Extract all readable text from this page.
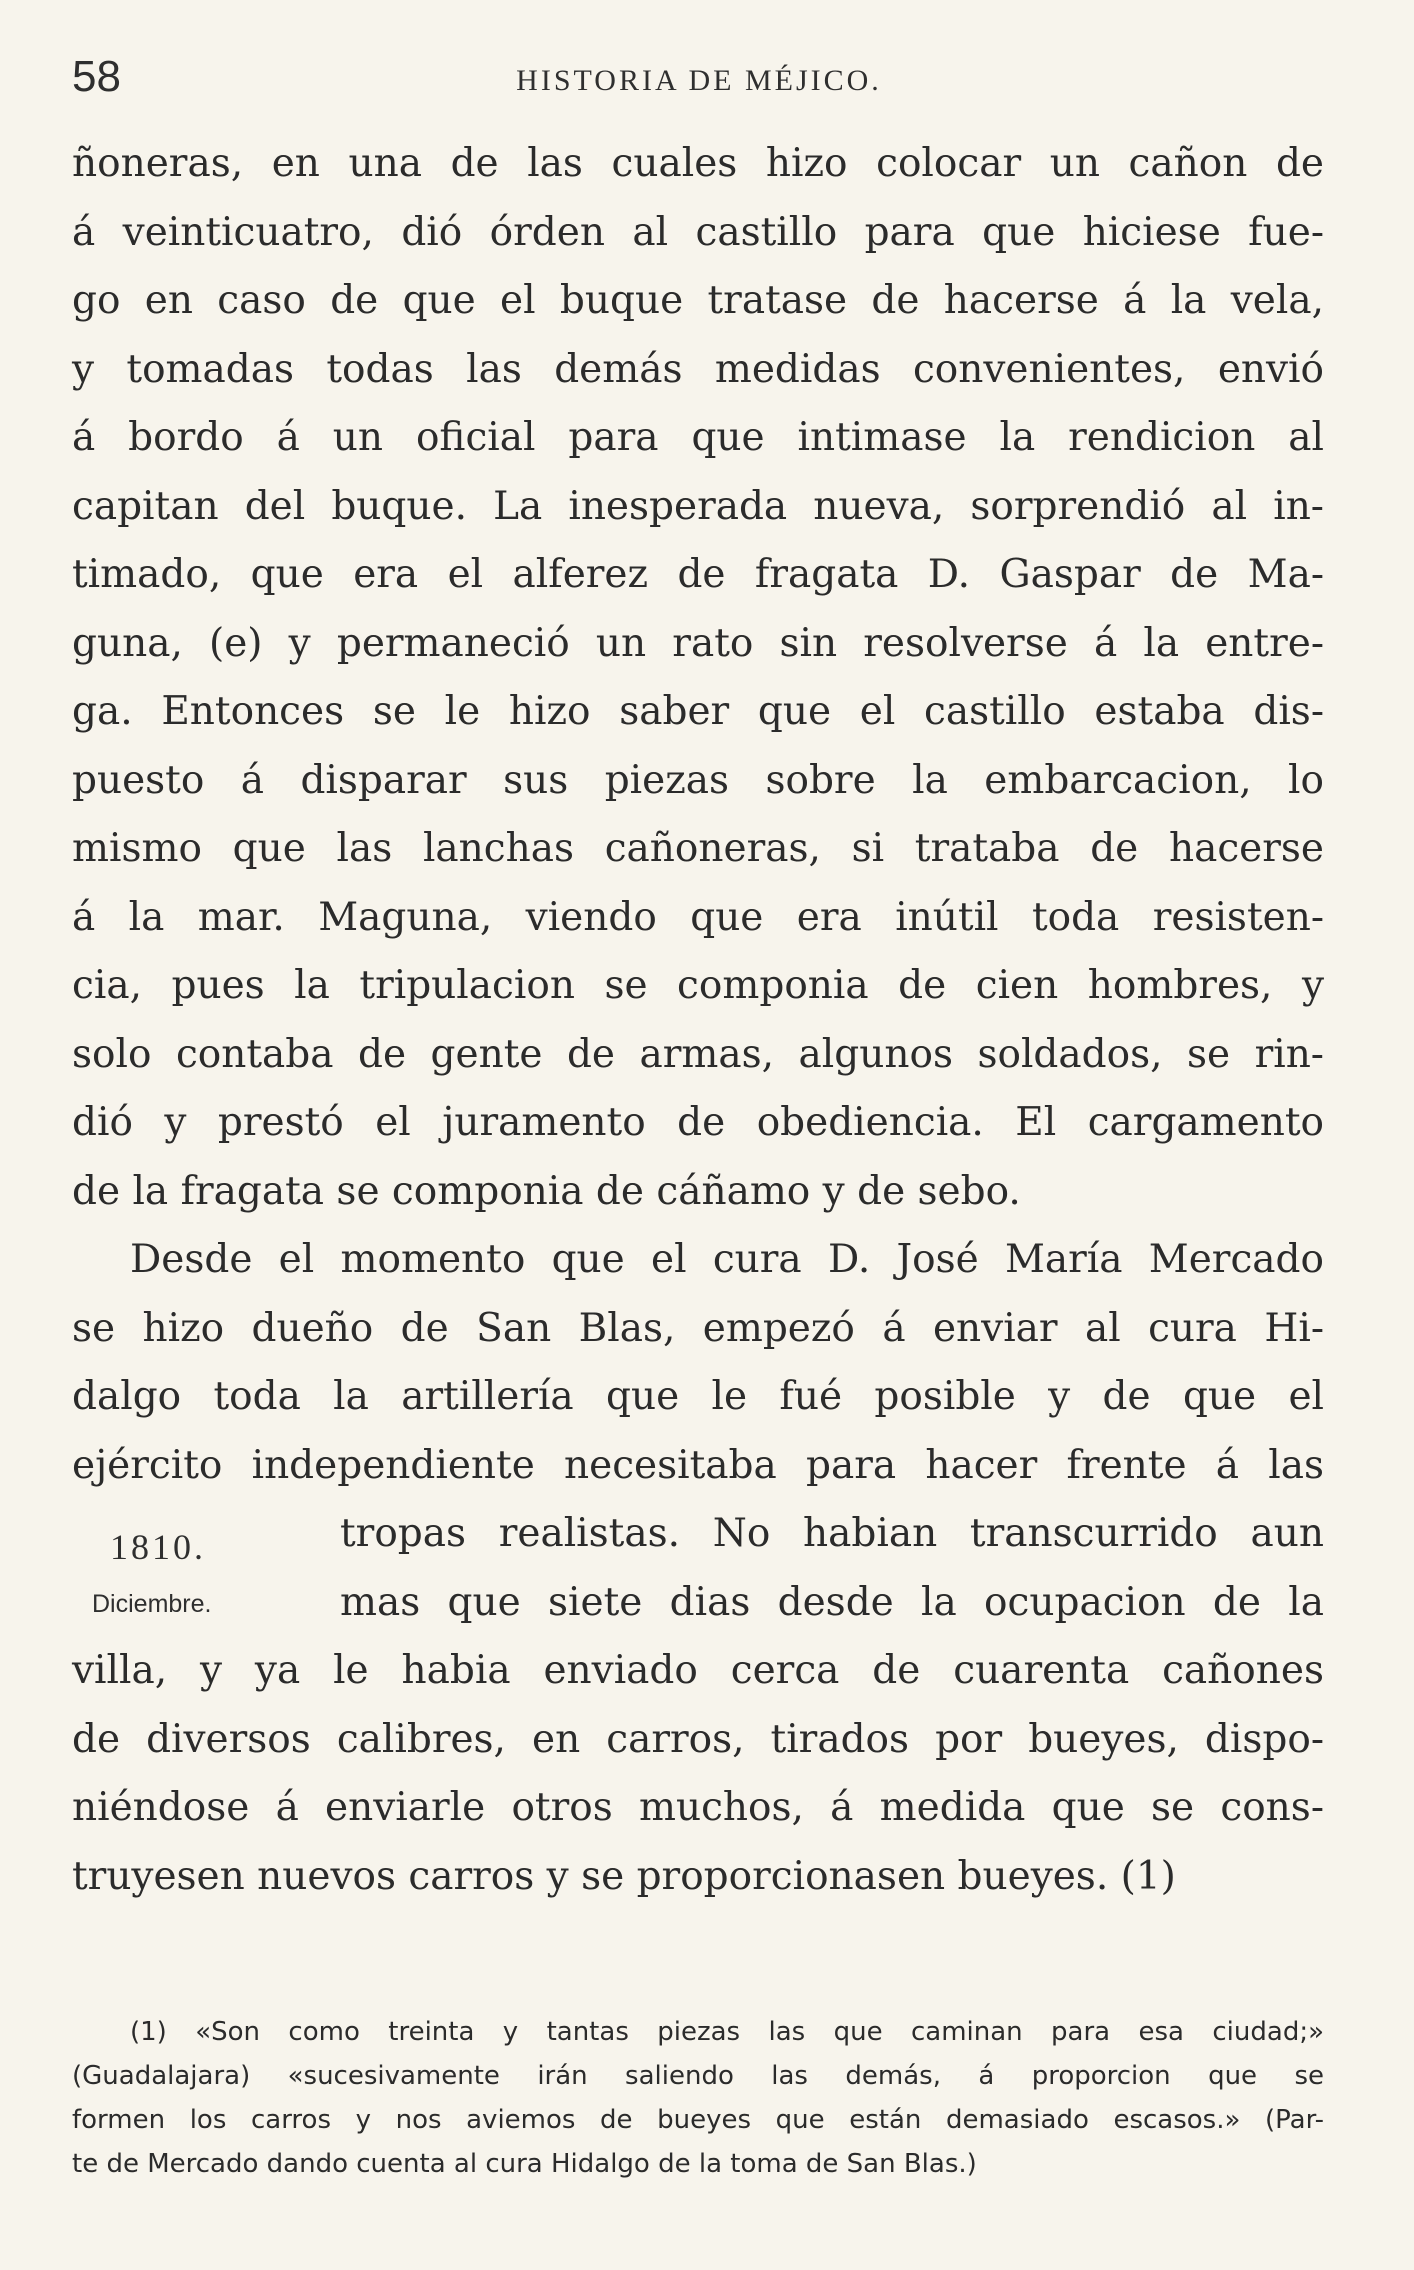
58	HISTORIA DE MÉJICO.
ñoneras, en una de las cuales hizo colocar un cañon de
á veinticuatro, dió órden al castillo para que hiciese fue-
go en caso de que el buque tratase de hacerse á la vela,
y tomadas todas las demás medidas convenientes, envió
á bordo á un oficial para que intimase la rendicion al
capitan del buque. La inesperada nueva, sorprendió al in-
timado, que era el alferez de fragata D. Gaspar de Ma-
guna, (e) y permaneció un rato sin resolverse á la entre-
ga. Entonces se le hizo saber que el castillo estaba dis-
puesto á disparar sus piezas sobre la embarcacion, lo
mismo que las lanchas cañoneras, si trataba de hacerse
á la mar. Maguna, viendo que era inútil toda resisten-
cia, pues la tripulacion se componia de cien hombres, y
solo contaba de gente de armas, algunos soldados, se rin-
dió y prestó el juramento de obediencia. El cargamento
de la fragata se componia de cáñamo y de sebo.
Desde el momento que el cura D. José María Mercado
se hizo dueño de San Blas, empezó á enviar al cura Hi-
dalgo toda la artillería que le fué posible y de que el
ejército independiente necesitaba para hacer frente á las
tropas realistas. No habian transcurrido aun
mas que siete dias desde la ocupacion de la
villa, y ya le habia enviado cerca de cuarenta cañones
de diversos calibres, en carros, tirados por bueyes, dispo-
niéndose á enviarle otros muchos, á medida que se cons-
truyesen nuevos carros y se proporcionasen bueyes. (1)
1810.
Diciembre.
(1) «Son como treinta y tantas piezas las que caminan para esa ciudad;»
(Guadalajara) «sucesivamente irán saliendo las demás, á proporcion que se
formen los carros y nos aviemos de bueyes que están demasiado escasos.» (Par-
te de Mercado dando cuenta al cura Hidalgo de la toma de San Blas.)
